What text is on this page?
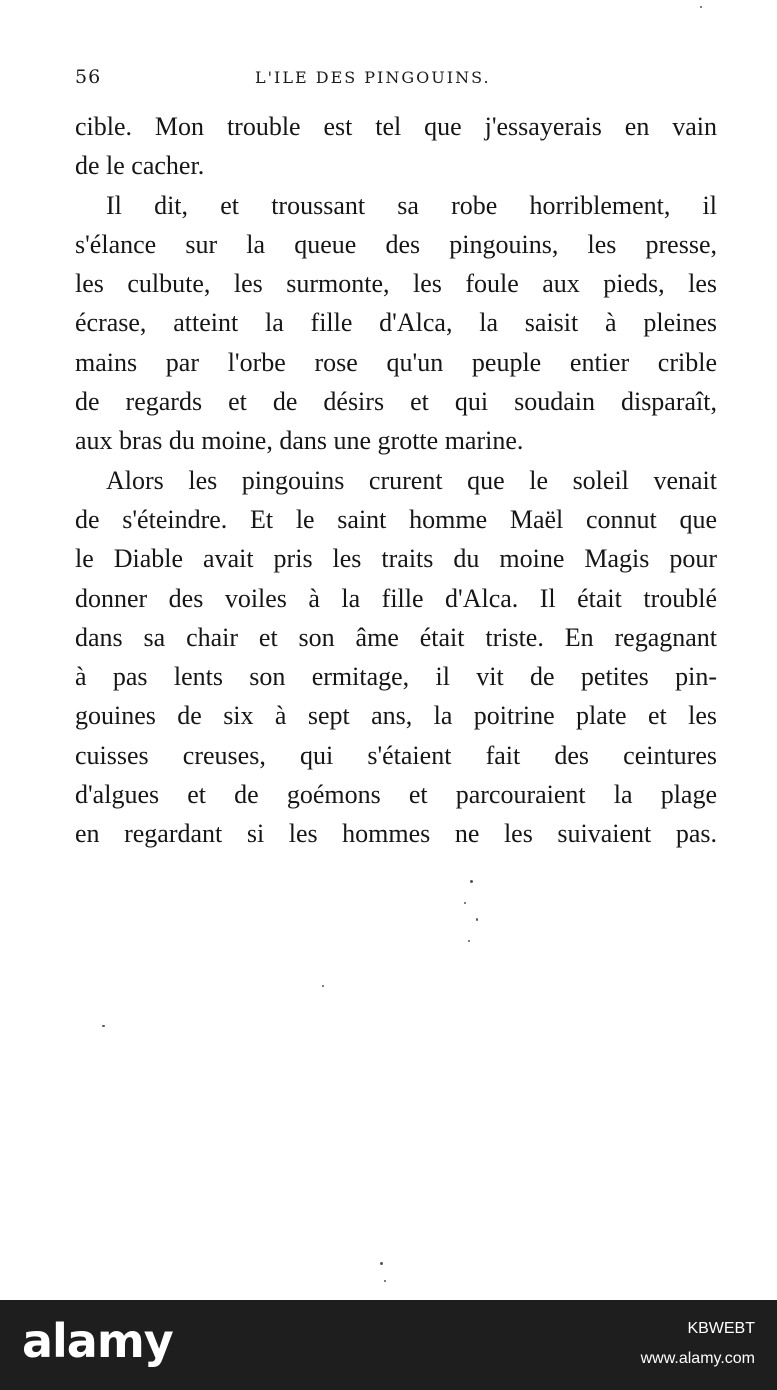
56	L'ILE DES PINGOUINS.
cible. Mon trouble est tel que j'essayerais en vain
de le cacher.
Il dit, et troussant sa robe horriblement, il
s'élance sur la queue des pingouins, les presse,
les culbute, les surmonte, les foule aux pieds, les
écrase, atteint la fille d'Alca, la saisit à pleines
mains par l'orbe rose qu'un peuple entier crible
de regards et de désirs et qui soudain disparaît,
aux bras du moine, dans une grotte marine.
Alors les pingouins crurent que le soleil venait
de s'éteindre. Et le saint homme Maël connut que
le Diable avait pris les traits du moine Magis pour
donner des voiles à la fille d'Alca. Il était troublé
dans sa chair et son âme était triste. En regagnant
à pas lents son ermitage, il vit de petites pin-
gouines de six à sept ans, la poitrine plate et les
cuisses creuses, qui s'étaient fait des ceintures
d'algues et de goémons et parcouraient la plage
en regardant si les hommes ne les suivaient pas.
alamy	KBWEBT
www.alamy.com
